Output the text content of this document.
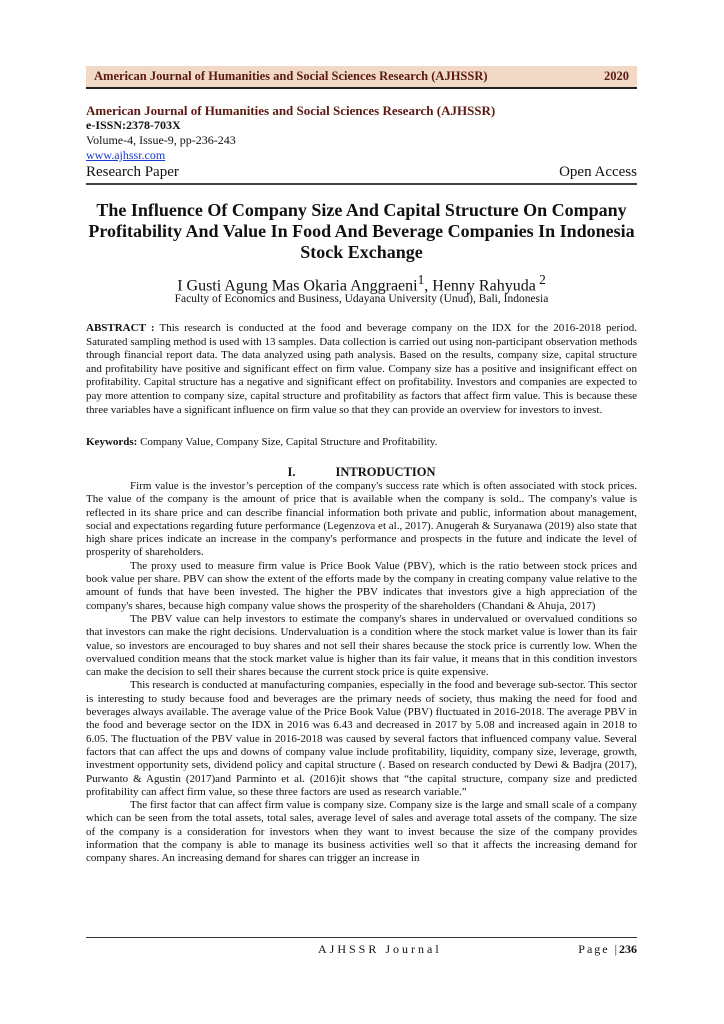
American Journal of Humanities and Social Sciences Research (AJHSSR)	2020
American Journal of Humanities and Social Sciences Research (AJHSSR)
e-ISSN:2378-703X
Volume-4, Issue-9, pp-236-243
www.ajhssr.com
Research Paper	Open Access
The Influence Of Company Size And Capital Structure On Company Profitability And Value In Food And Beverage Companies In Indonesia Stock Exchange
I Gusti Agung Mas Okaria Anggraeni$^1$, Henny Rahyuda $^2$
Faculty of Economics and Business, Udayana University (Unud), Bali, Indonesia
ABSTRACT : This research is conducted at the food and beverage company on the IDX for the 2016-2018 period. Saturated sampling method is used with 13 samples. Data collection is carried out using non-participant observation methods through financial report data. The data analyzed using path analysis. Based on the results, company size, capital structure and profitability have positive and significant effect on firm value. Company size has a positive and insignificant effect on profitability. Capital structure has a negative and significant effect on profitability. Investors and companies are expected to pay more attention to company size, capital structure and profitability as factors that affect firm value. This is because these three variables have a significant influence on firm value so that they can provide an overview for investors to invest.
Keywords: Company Value, Company Size, Capital Structure and Profitability.
I.	INTRODUCTION

Firm value is the investor’s perception of the company's success rate which is often associated with stock prices. The value of the company is the amount of price that is available when the company is sold.. The company's value is reflected in its share price and can describe financial information both private and public, information about management, social and expectations regarding future performance (Legenzova et al., 2017). Anugerah & Suryanawa (2019) also state that high share prices indicate an increase in the company's performance and prospects in the future and indicate the level of prosperity of shareholders.

The proxy used to measure firm value is Price Book Value (PBV), which is the ratio between stock prices and book value per share. PBV can show the extent of the efforts made by the company in creating company value relative to the amount of funds that have been invested. The higher the PBV indicates that investors give a high appreciation of the company's shares, because high company value shows the prosperity of the shareholders (Chandani & Ahuja, 2017)

The PBV value can help investors to estimate the company's shares in undervalued or overvalued conditions so that investors can make the right decisions. Undervaluation is a condition where the stock market value is lower than its fair value, so investors are encouraged to buy shares and not sell their shares because the stock price is currently low. When the overvalued condition means that the stock market value is higher than its fair value, it means that in this condition investors can make the decision to sell their shares because the current stock price is quite expensive.

This research is conducted at manufacturing companies, especially in the food and beverage sub-sector. This sector is interesting to study because food and beverages are the primary needs of society, thus making the need for food and beverages always available. The average value of the Price Book Value (PBV) fluctuated in 2016-2018. The average PBV in the food and beverage sector on the IDX in 2016 was 6.43 and decreased in 2017 by 5.08 and increased again in 2018 to 6.05. The fluctuation of the PBV value in 2016-2018 was caused by several factors that influenced company value. Several factors that can affect the ups and downs of company value include profitability, liquidity, company size, leverage, growth, investment opportunity sets, dividend policy and capital structure (. Based on research conducted by Dewi & Badjra (2017), Purwanto & Agustin (2017)and Parminto et al. (2016)it shows that “the capital structure, company size and predicted profitability can affect firm value, so these three factors are used as research variable.”

The first factor that can affect firm value is company size. Company size is the large and small scale of a company which can be seen from the total assets, total sales, average level of sales and average total assets of the company. The size of the company is a consideration for investors when they want to invest because the size of the company provides information that the company is able to manage its business activities well so that it affects the increasing demand for company shares. An increasing demand for shares can trigger an increase in

AJHSSR Journal	Page |236
